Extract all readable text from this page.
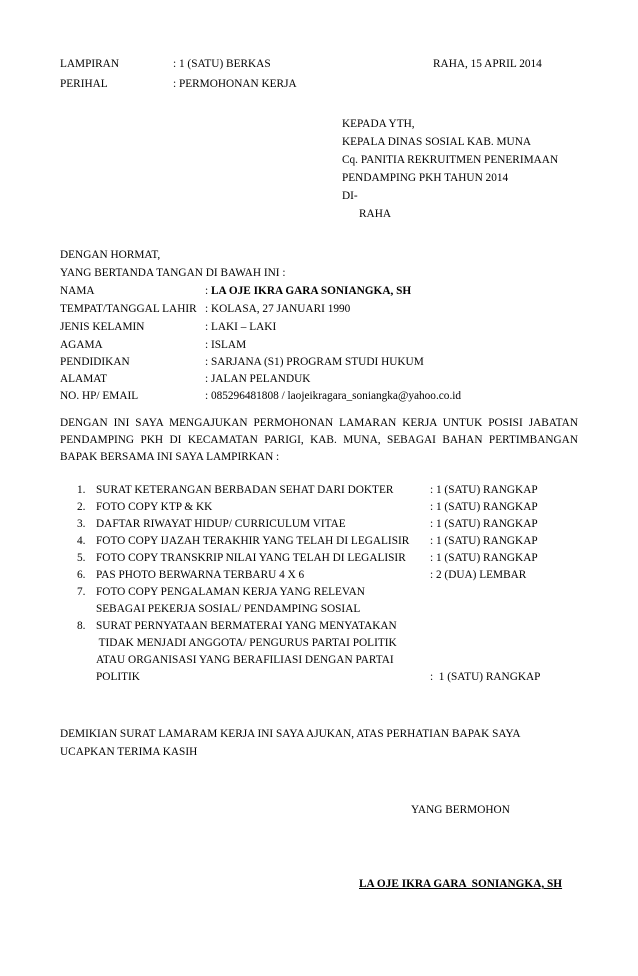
LAMPIRAN	: 1 (SATU) BERKAS	RAHA, 15 APRIL 2014
PERIHAL	: PERMOHONAN KERJA
KEPADA YTH,
KEPALA DINAS SOSIAL KAB. MUNA
Cq. PANITIA REKRUITMEN PENERIMAAN
PENDAMPING PKH TAHUN 2014
DI-
RAHA
DENGAN HORMAT,
YANG BERTANDA TANGAN DI BAWAH INI :
NAMA	: LA OJE IKRA GARA SONIANGKA, SH
TEMPAT/TANGGAL LAHIR : KOLASA, 27 JANUARI 1990
JENIS KELAMIN	: LAKI – LAKI
AGAMA	: ISLAM
PENDIDIKAN	: SARJANA (S1) PROGRAM STUDI HUKUM
ALAMAT	: JALAN PELANDUK
NO. HP/ EMAIL	: 085296481808 / laojeikragara_soniangka@yahoo.co.id
DENGAN INI SAYA MENGAJUKAN PERMOHONAN LAMARAN KERJA UNTUK POSISI JABATAN
PENDAMPING PKH DI KECAMATAN PARIGI, KAB. MUNA, SEBAGAI BAHAN PERTIMBANGAN
BAPAK BERSAMA INI SAYA LAMPIRKAN :
1. SURAT KETERANGAN BERBADAN SEHAT DARI DOKTER	: 1 (SATU) RANGKAP
2. FOTO COPY KTP & KK	: 1 (SATU) RANGKAP
3. DAFTAR RIWAYAT HIDUP/ CURRICULUM VITAE	: 1 (SATU) RANGKAP
4. FOTO COPY IJAZAH TERAKHIR YANG TELAH DI LEGALISIR : 1 (SATU) RANGKAP
5. FOTO COPY TRANSKRIP NILAI YANG TELAH DI LEGALISIR : 1 (SATU) RANGKAP
6. PAS PHOTO BERWARNA TERBARU 4 X 6	: 2 (DUA) LEMBAR
7. FOTO COPY PENGALAMAN KERJA YANG RELEVAN
SEBAGAI PEKERJA SOSIAL/ PENDAMPING SOSIAL
8. SURAT PERNYATAAN BERMATERAI YANG MENYATAKAN
TIDAK MENJADI ANGGOTA/ PENGURUS PARTAI POLITIK
ATAU ORGANISASI YANG BERAFILIASI DENGAN PARTAI
POLITIK	:  1 (SATU) RANGKAP
DEMIKIAN SURAT LAMARAM KERJA INI SAYA AJUKAN, ATAS PERHATIAN BAPAK SAYA
UCAPKAN TERIMA KASIH
YANG BERMOHON
LA OJE IKRA GARA  SONIANGKA, SH
